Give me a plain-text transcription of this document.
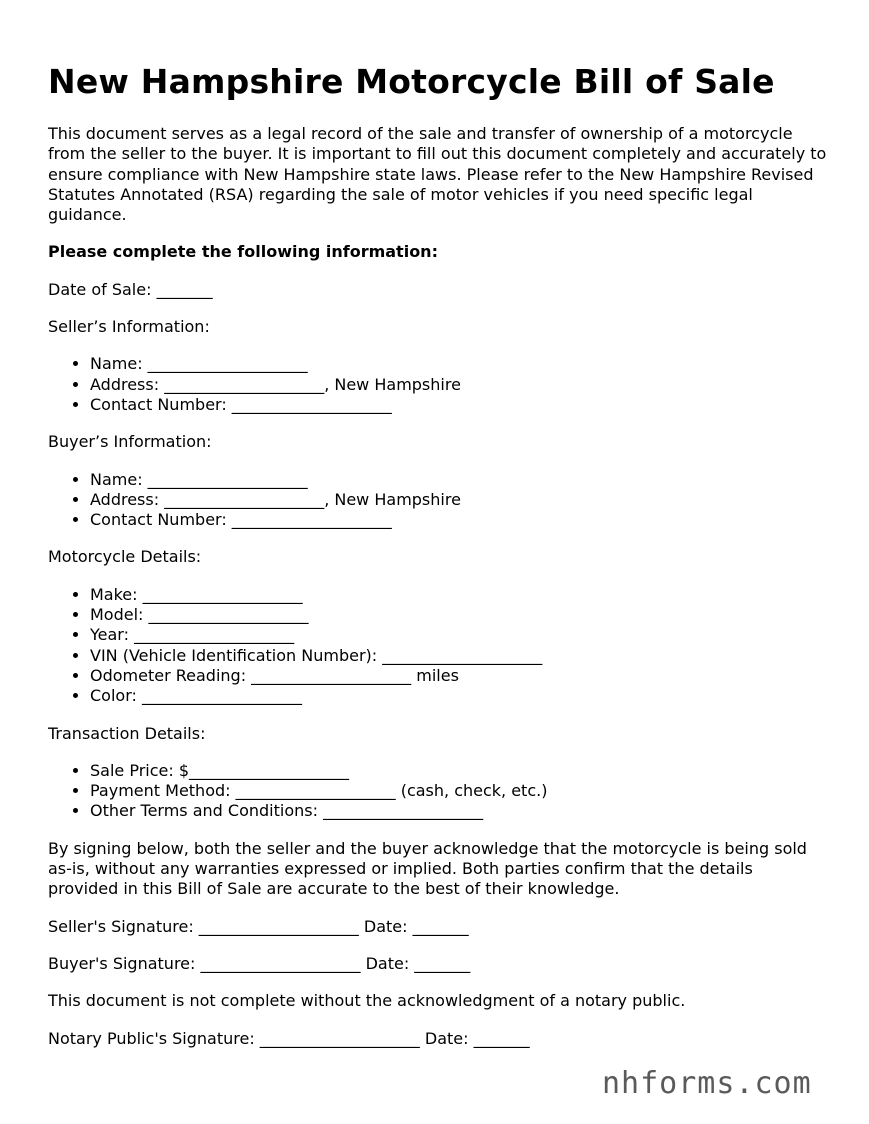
New Hampshire Motorcycle Bill of Sale

This document serves as a legal record of the sale and transfer of ownership of a motorcycle from the seller to the buyer. It is important to fill out this document completely and accurately to ensure compliance with New Hampshire state laws. Please refer to the New Hampshire Revised Statutes Annotated (RSA) regarding the sale of motor vehicles if you need specific legal guidance.

Please complete the following information:

Date of Sale: _______

Seller’s Information:

• Name: ____________________
• Address: ____________________, New Hampshire
• Contact Number: ____________________

Buyer’s Information:

• Name: ____________________
• Address: ____________________, New Hampshire
• Contact Number: ____________________

Motorcycle Details:

• Make: ____________________
• Model: ____________________
• Year: ____________________
• VIN (Vehicle Identification Number): ____________________
• Odometer Reading: ____________________ miles
• Color: ____________________

Transaction Details:

• Sale Price: $____________________
• Payment Method: ____________________ (cash, check, etc.)
• Other Terms and Conditions: ____________________

By signing below, both the seller and the buyer acknowledge that the motorcycle is being sold as-is, without any warranties expressed or implied. Both parties confirm that the details provided in this Bill of Sale are accurate to the best of their knowledge.

Seller's Signature: ____________________ Date: _______

Buyer's Signature: ____________________ Date: _______

This document is not complete without the acknowledgment of a notary public.

Notary Public's Signature: ____________________ Date: _______

nhforms.com
